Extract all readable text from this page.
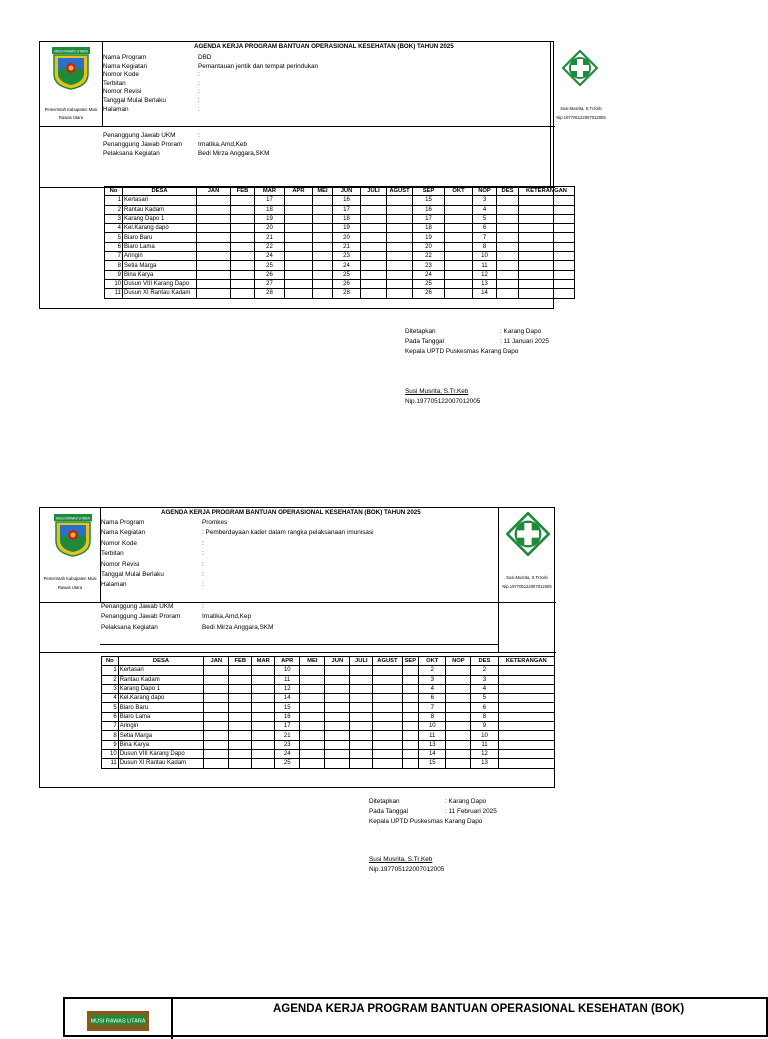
MUSI RAWAS UTARA
Pemerintah Kabupaten Musi Rawas Utara
AGENDA KERJA PROGRAM BANTUAN OPERASIONAL KESEHATAN (BOK) TAHUN 2025
Nama Program	DBD
Nama Kegiatan	Pemantauan jentik dan tempat perindukan
Nomor Kode	:
Terbitan	:
Nomor Revisi	:
Tanggal Mulai Berlaku	:
Halaman	:	Susi Musrita, S.Tr.Keb
Nip.197705122007012005
Penanggung Jawab UKM	:
Penanggung Jawab Proram	Irnatika,Amd,Keb
Pelaksana Kegiatan	Bedi Mirza Anggara,SKM
No	DESA	JAN	FEB	MAR	APR	MEI	JUN	JULI	AGUST	SEP	OKT	NOP	DES	KETERANGAN
1	Kertasari			17			16			15		3		
2	Rantau Kadam			18			17			16		4		
3	Karang Dapo 1			19			18			17		5		
4	Kel.Karang dapo			20			19			18		6		
5	Biaro Baru			21			20			19		7		
6	Biaro Lama			22			21			20		8		
7	Aringin			24			23			22		10		
8	Setia Marga			25			24			23		11		
9	Bina Karya			26			25			24		12		
10	Dusun VIII Karang Dapo			27			26			25		13		
11	Dusun XI Rantau Kadam			28			28			26		14		
Ditetapkan	: Karang Dapo
Pada Tanggal	: 11 Januari 2025
Kepala UPTD Puskesmas Karang Dapo
Susi Musrita, S.Tr.Keb
Nip.197705122007012005
MUSI RAWAS UTARA
Pemerintah Kabupaten Musi Rawas Utara
AGENDA KERJA PROGRAM BANTUAN OPERASIONAL KESEHATAN (BOK) TAHUN 2025
Nama Program	Promkes
Nama Kegiatan	: Pemberdayaan kader dalam rangka pelaksanaan imunisasi
Nomor Kode	:
Terbitan	:
Nomor Revisi	:
Tanggal Mulai Berlaku	:
Halaman	:
Susi Musrita, S.Tr.Keb
Nip.197705122007012005
Penanggung Jawab UKM	:
Penanggung Jawab Proram	Irnatika,Amd,Kep
Pelaksana Kegiatan	Bedi Mirza Anggara,SKM
No	DESA	JAN	FEB	MAR	APR	MEI	JUN	JULI	AGUST	SEP	OKT	NOP	DES	KETERANGAN
1	Kertasari				10						2		2	
2	Rantau Kadam				11						3		3	
3	Karang Dapo 1				12						4		4	
4	Kel.Karang dapo				14						6		5	
5	Biaro Baru				15						7		6	
6	Biaro Lama				16						8		8	
7	Aringin				17						10		9	
8	Setia Marga				21						11		10	
9	Bina Karya				23						13		11	
10	Dusun VIII Karang Dapo				24						14		12	
11	Dusun XI Rantau Kadam				25						15		13	
Ditetapkan	: Karang Dapo
Pada Tanggal	: 11 Februari 2025
Kepala UPTD Puskesmas Karang Dapo
Susi Musrita, S.Tr.Keb
Nip.197705122007012005
MUSI RAWAS UTARA
AGENDA KERJA PROGRAM BANTUAN OPERASIONAL KESEHATAN (BOK)
